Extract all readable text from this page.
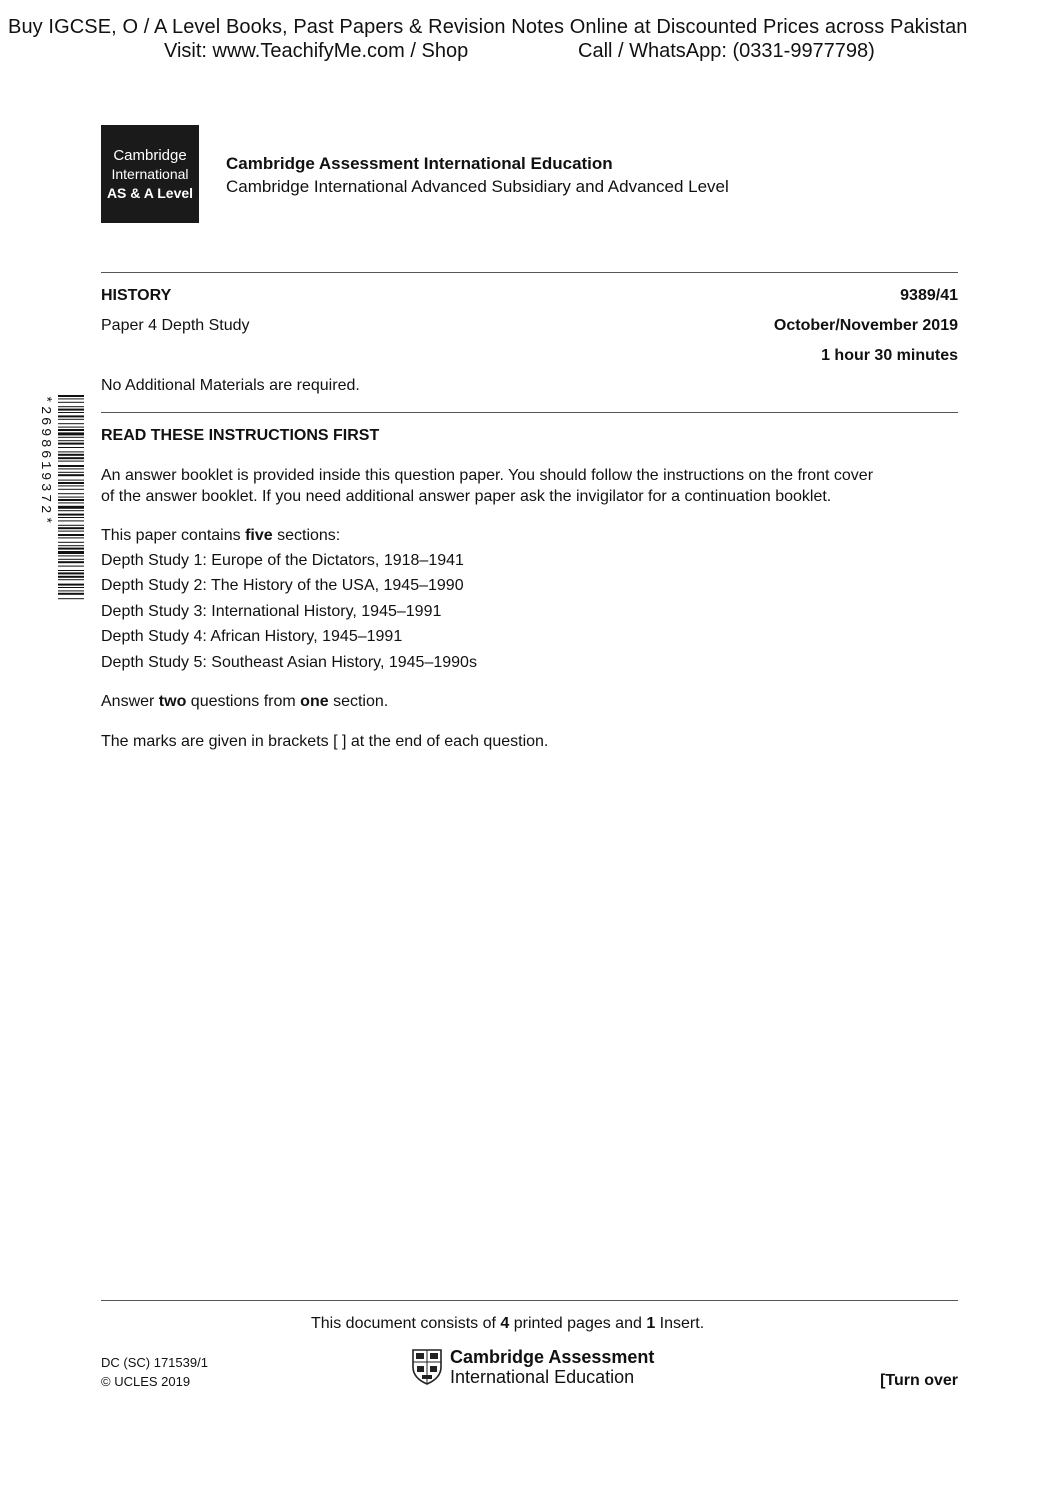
Buy IGCSE, O / A Level Books, Past Papers & Revision Notes Online at Discounted Prices across Pakistan
Visit: www.TeachifyMe.com / Shop	Call / WhatsApp: (0331-9977798)
Cambridge
International
AS & A Level
Cambridge Assessment International Education
Cambridge International Advanced Subsidiary and Advanced Level
HISTORY	9389/41
Paper 4 Depth Study	October/November 2019
1 hour 30 minutes
No Additional Materials are required.
*2698619372*	READ THESE INSTRUCTIONS FIRST
An answer booklet is provided inside this question paper. You should follow the instructions on the front cover
of the answer booklet. If you need additional answer paper ask the invigilator for a continuation booklet.
This paper contains five sections:
Depth Study 1: Europe of the Dictators, 1918–1941
Depth Study 2: The History of the USA, 1945–1990
Depth Study 3: International History, 1945–1991
Depth Study 4: African History, 1945–1991
Depth Study 5: Southeast Asian History, 1945–1990s
Answer two questions from one section.
The marks are given in brackets [ ] at the end of each question.
This document consists of 4 printed pages and 1 Insert.
DC (SC) 171539/1
© UCLES 2019
Cambridge Assessment
International Education	[Turn over
